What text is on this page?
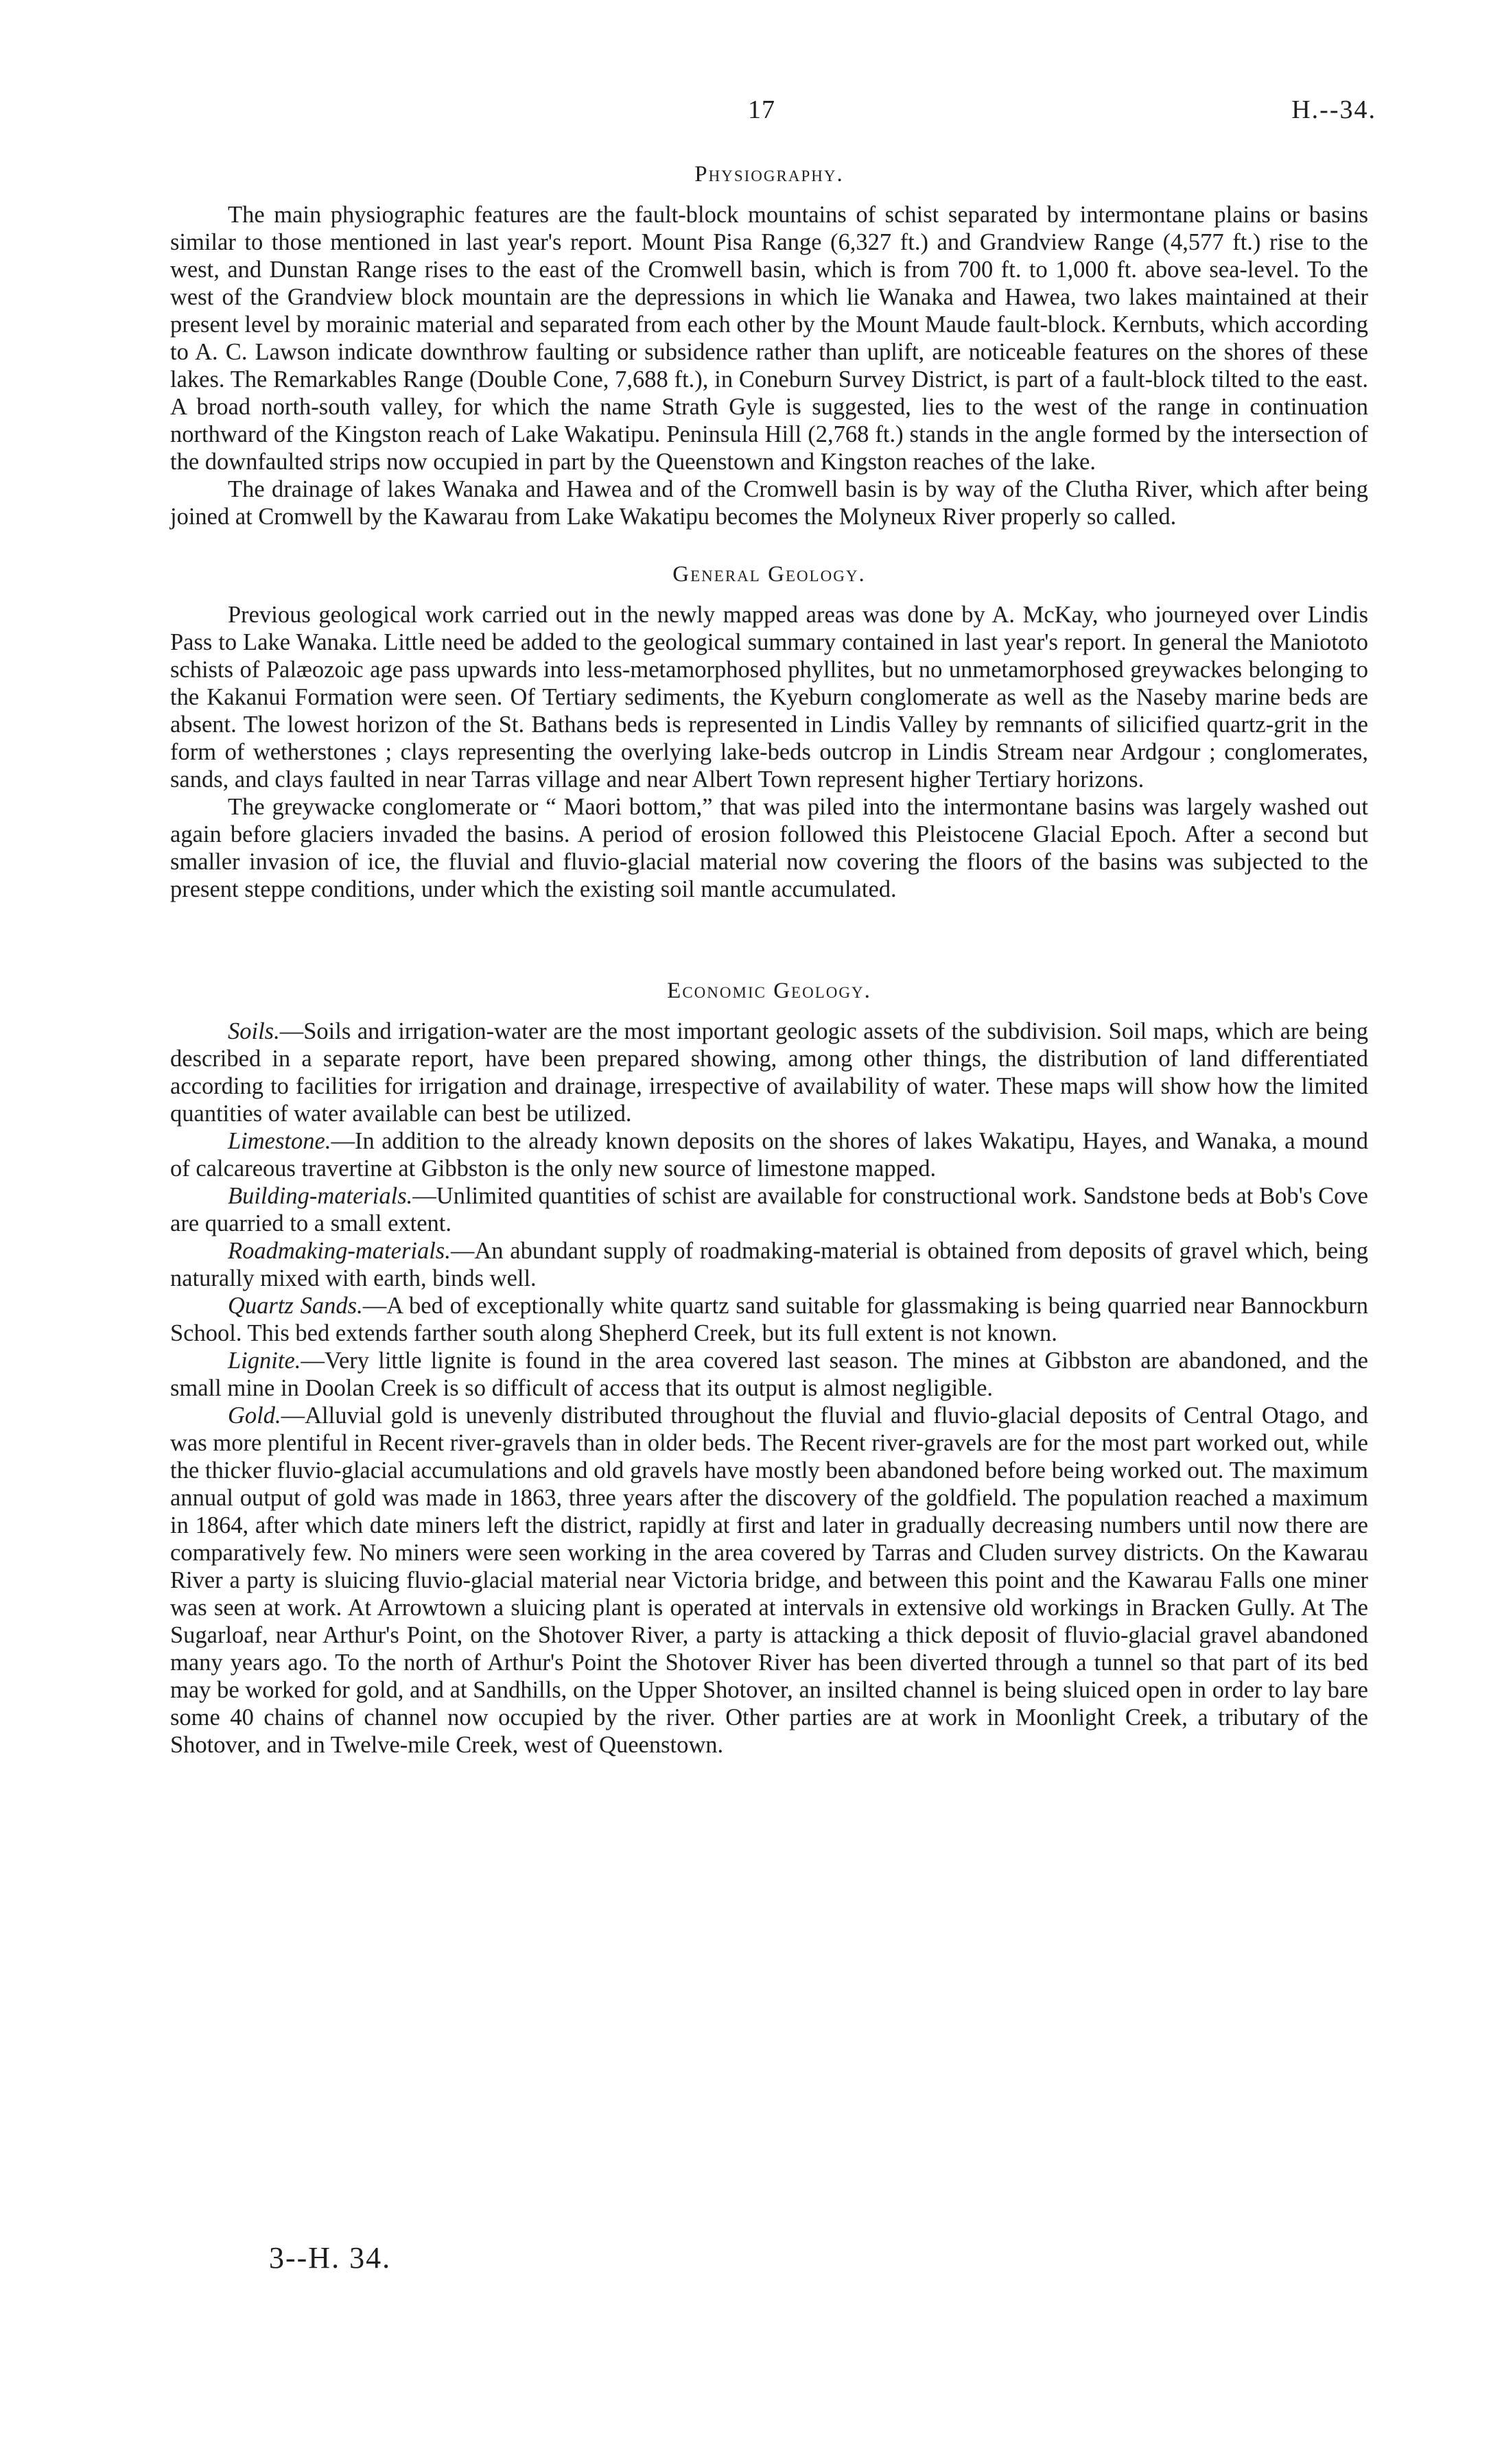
17	H.--34.
Physiography.

The main physiographic features are the fault-block mountains of schist separated by intermontane plains or basins similar to those mentioned in last year's report. Mount Pisa Range (6,327 ft.) and Grandview Range (4,577 ft.) rise to the west, and Dunstan Range rises to the east of the Cromwell basin, which is from 700 ft. to 1,000 ft. above sea-level. To the west of the Grandview block mountain are the depressions in which lie Wanaka and Hawea, two lakes maintained at their present level by morainic material and separated from each other by the Mount Maude fault-block. Kernbuts, which according to A. C. Lawson indicate downthrow faulting or subsidence rather than uplift, are noticeable features on the shores of these lakes. The Remarkables Range (Double Cone, 7,688 ft.), in Coneburn Survey District, is part of a fault-block tilted to the east. A broad north-south valley, for which the name Strath Gyle is suggested, lies to the west of the range in continuation northward of the Kingston reach of Lake Wakatipu. Peninsula Hill (2,768 ft.) stands in the angle formed by the intersection of the downfaulted strips now occupied in part by the Queenstown and Kingston reaches of the lake.

The drainage of lakes Wanaka and Hawea and of the Cromwell basin is by way of the Clutha River, which after being joined at Cromwell by the Kawarau from Lake Wakatipu becomes the Molyneux River properly so called.

General Geology.

Previous geological work carried out in the newly mapped areas was done by A. McKay, who journeyed over Lindis Pass to Lake Wanaka. Little need be added to the geological summary contained in last year's report. In general the Maniototo schists of Palæozoic age pass upwards into less-metamorphosed phyllites, but no unmetamorphosed greywackes belonging to the Kakanui Formation were seen. Of Tertiary sediments, the Kyeburn conglomerate as well as the Naseby marine beds are absent. The lowest horizon of the St. Bathans beds is represented in Lindis Valley by remnants of silicified quartz-grit in the form of wetherstones ; clays representing the overlying lake-beds outcrop in Lindis Stream near Ardgour ; conglomerates, sands, and clays faulted in near Tarras village and near Albert Town represent higher Tertiary horizons.

The greywacke conglomerate or “ Maori bottom,” that was piled into the intermontane basins was largely washed out again before glaciers invaded the basins. A period of erosion followed this Pleistocene Glacial Epoch. After a second but smaller invasion of ice, the fluvial and fluvio-glacial material now covering the floors of the basins was subjected to the present steppe conditions, under which the existing soil mantle accumulated.

Economic Geology.

Soils.—Soils and irrigation-water are the most important geologic assets of the subdivision. Soil maps, which are being described in a separate report, have been prepared showing, among other things, the distribution of land differentiated according to facilities for irrigation and drainage, irrespective of availability of water. These maps will show how the limited quantities of water available can best be utilized.

Limestone.—In addition to the already known deposits on the shores of lakes Wakatipu, Hayes, and Wanaka, a mound of calcareous travertine at Gibbston is the only new source of limestone mapped.

Building-materials.—Unlimited quantities of schist are available for constructional work. Sandstone beds at Bob's Cove are quarried to a small extent.

Roadmaking-materials.—An abundant supply of roadmaking-material is obtained from deposits of gravel which, being naturally mixed with earth, binds well.

Quartz Sands.—A bed of exceptionally white quartz sand suitable for glassmaking is being quarried near Bannockburn School. This bed extends farther south along Shepherd Creek, but its full extent is not known.

Lignite.—Very little lignite is found in the area covered last season. The mines at Gibbston are abandoned, and the small mine in Doolan Creek is so difficult of access that its output is almost negligible.

Gold.—Alluvial gold is unevenly distributed throughout the fluvial and fluvio-glacial deposits of Central Otago, and was more plentiful in Recent river-gravels than in older beds. The Recent river-gravels are for the most part worked out, while the thicker fluvio-glacial accumulations and old gravels have mostly been abandoned before being worked out. The maximum annual output of gold was made in 1863, three years after the discovery of the goldfield. The population reached a maximum in 1864, after which date miners left the district, rapidly at first and later in gradually decreasing numbers until now there are comparatively few. No miners were seen working in the area covered by Tarras and Cluden survey districts. On the Kawarau River a party is sluicing fluvio-glacial material near Victoria bridge, and between this point and the Kawarau Falls one miner was seen at work. At Arrowtown a sluicing plant is operated at intervals in extensive old workings in Bracken Gully. At The Sugarloaf, near Arthur's Point, on the Shotover River, a party is attacking a thick deposit of fluvio-glacial gravel abandoned many years ago. To the north of Arthur's Point the Shotover River has been diverted through a tunnel so that part of its bed may be worked for gold, and at Sandhills, on the Upper Shotover, an insilted channel is being sluiced open in order to lay bare some 40 chains of channel now occupied by the river. Other parties are at work in Moonlight Creek, a tributary of the Shotover, and in Twelve-mile Creek, west of Queenstown.

3--H. 34.
